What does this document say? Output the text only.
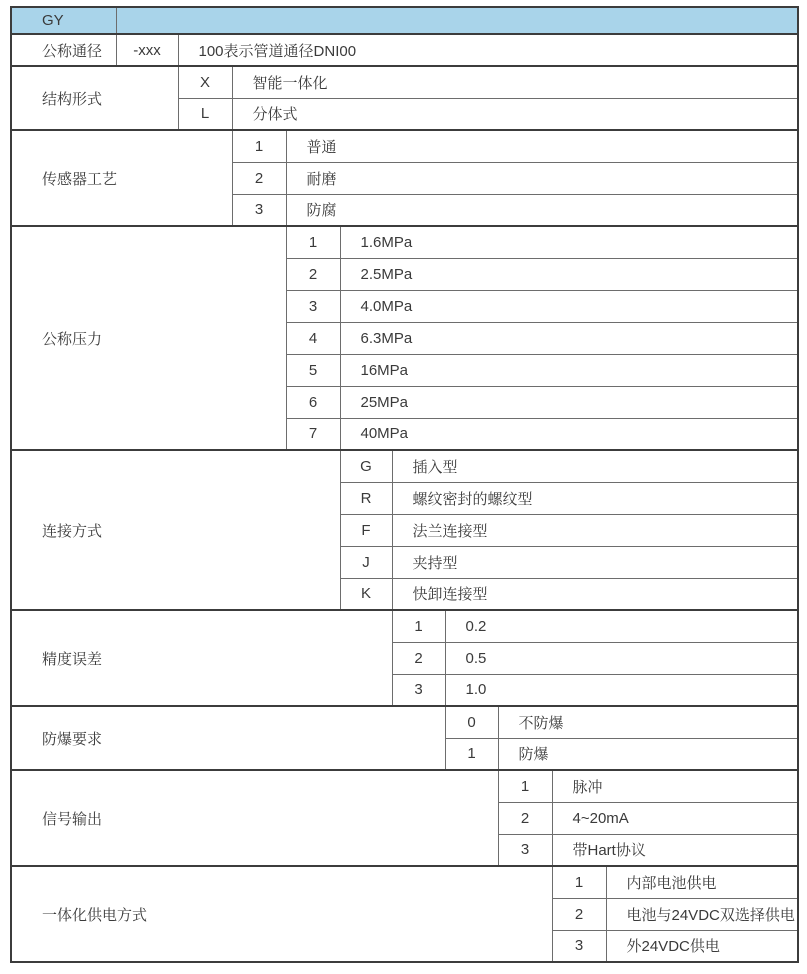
GY										
公称通径	-xxx	100表示管道通径DNI00								
结构形式		X	智能一体化							
		L	分体式							
传感器工艺			1	普通						
			2	耐磨						
			3	防腐						
公称压力				1	1.6MPa					
				2	2.5MPa					
				3	4.0MPa					
				4	6.3MPa					
				5	16MPa					
				6	25MPa					
				7	40MPa					
连接方式					G	插入型				
					R	螺纹密封的螺纹型				
					F	法兰连接型				
					J	夹持型				
					K	快卸连接型				
精度误差						1	0.2			
						2	0.5			
						3	1.0			
防爆要求							0	不防爆		
							1	防爆		
信号输出								1	脉冲	
								2	4~20mA	
								3	带Hart协议	
一体化供电方式									1	内部电池供电
									2	电池与24VDC双选择供电
									3	外24VDC供电
